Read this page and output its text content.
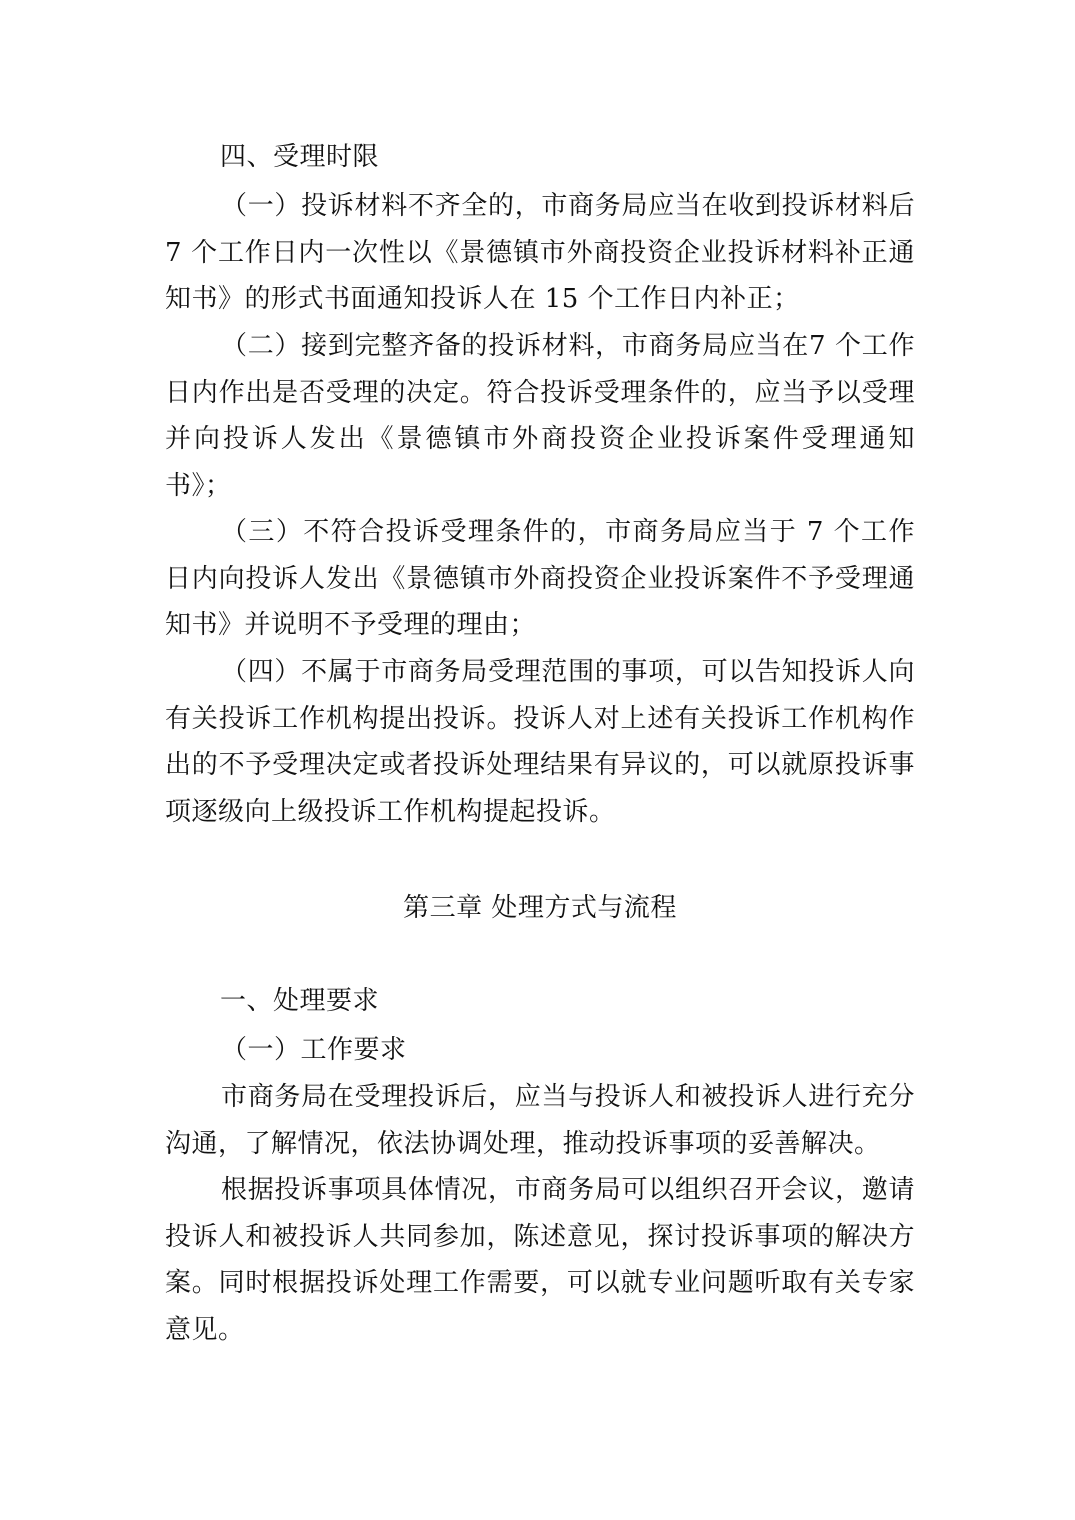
四、受理时限

（一）投诉材料不齐全的，市商务局应当在收到投诉材料后 7 个工作日内一次性以《景德镇市外商投资企业投诉材料补正通知书》的形式书面通知投诉人在 15 个工作日内补正；

（二）接到完整齐备的投诉材料，市商务局应当在7 个工作日内作出是否受理的决定。符合投诉受理条件的，应当予以受理并向投诉人发出《景德镇市外商投资企业投诉案件受理通知书》；

（三）不符合投诉受理条件的，市商务局应当于 7 个工作日内向投诉人发出《景德镇市外商投资企业投诉案件不予受理通知书》并说明不予受理的理由；

（四）不属于市商务局受理范围的事项，可以告知投诉人向有关投诉工作机构提出投诉。投诉人对上述有关投诉工作机构作出的不予受理决定或者投诉处理结果有异议的，可以就原投诉事项逐级向上级投诉工作机构提起投诉。

第三章 处理方式与流程
一、处理要求

（一）工作要求

市商务局在受理投诉后，应当与投诉人和被投诉人进行充分沟通，了解情况，依法协调处理，推动投诉事项的妥善解决。

根据投诉事项具体情况，市商务局可以组织召开会议，邀请投诉人和被投诉人共同参加，陈述意见，探讨投诉事项的解决方案。同时根据投诉处理工作需要，可以就专业问题听取有关专家意见。
